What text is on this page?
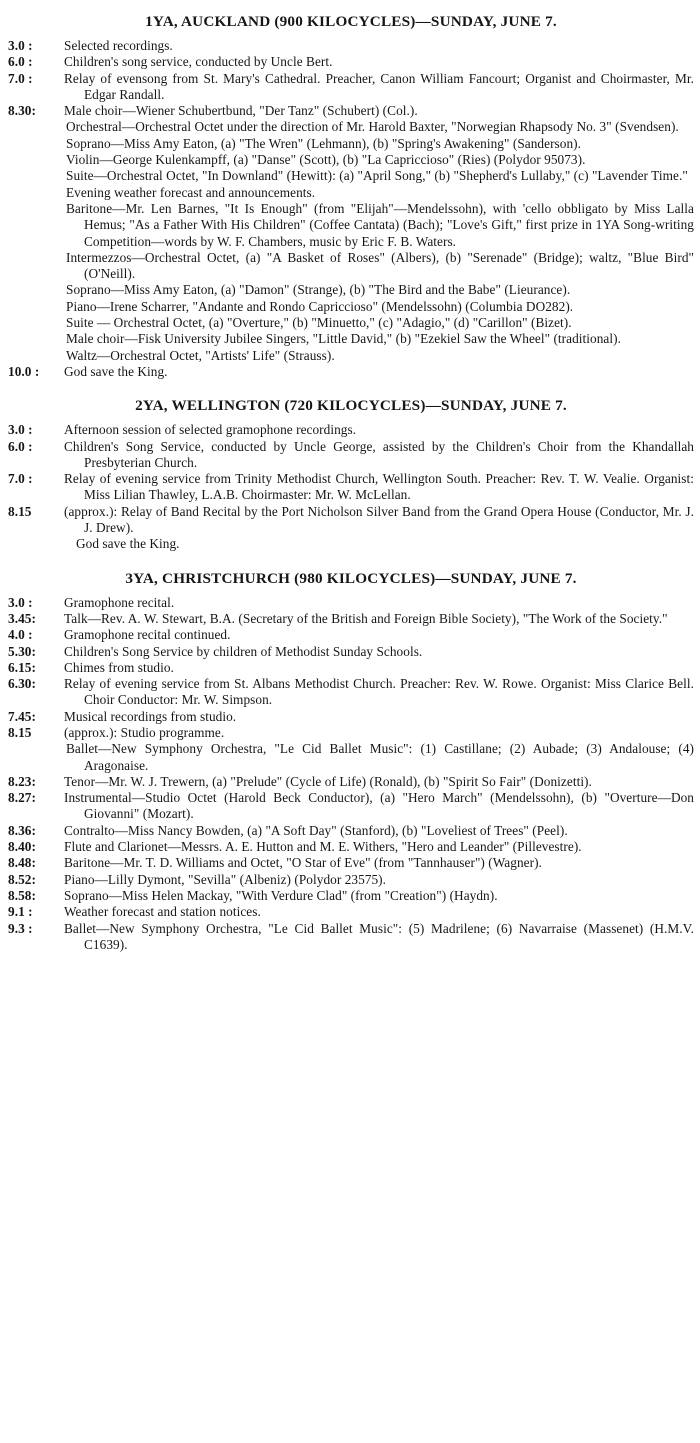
1YA, AUCKLAND (900 KILOCYCLES)—SUNDAY, JUNE 7.
3.0 :	Selected recordings.
6.0 :	Children's song service, conducted by Uncle Bert.
7.0 :	Relay of evensong from St. Mary's Cathedral. Preacher, Canon William Fancourt; Organist and Choirmaster, Mr. Edgar Randall.
8.30:	Male choir—Wiener Schubertbund, "Der Tanz" (Schubert) (Col.).

Orchestral—Orchestral Octet under the direction of Mr. Harold Baxter, "Norwegian Rhapsody No. 3" (Svendsen).

Soprano—Miss Amy Eaton, (a) "The Wren" (Lehmann), (b) "Spring's Awakening" (Sanderson).

Violin—George Kulenkampff, (a) "Danse" (Scott), (b) "La Capriccioso" (Ries) (Polydor 95073).

Suite—Orchestral Octet, "In Downland" (Hewitt): (a) "April Song," (b) "Shepherd's Lullaby," (c) "Lavender Time."

Evening weather forecast and announcements.

Baritone—Mr. Len Barnes, "It Is Enough" (from "Elijah"—Mendelssohn), with 'cello obbligato by Miss Lalla Hemus; "As a Father With His Children" (Coffee Cantata) (Bach); "Love's Gift," first prize in 1YA Song-writing Competition—words by W. F. Chambers, music by Eric F. B. Waters.

Intermezzos—Orchestral Octet, (a) "A Basket of Roses" (Albers), (b) "Serenade" (Bridge); waltz, "Blue Bird" (O'Neill).

Soprano—Miss Amy Eaton, (a) "Damon" (Strange), (b) "The Bird and the Babe" (Lieurance).

Piano—Irene Scharrer, "Andante and Rondo Capriccioso" (Mendelssohn) (Columbia DO282).

Suite — Orchestral Octet, (a) "Overture," (b) "Minuetto," (c) "Adagio," (d) "Carillon" (Bizet).

Male choir—Fisk University Jubilee Singers, "Little David," (b) "Ezekiel Saw the Wheel" (traditional).

Waltz—Orchestral Octet, "Artists' Life" (Strauss).

10.0 :	God save the King.
2YA, WELLINGTON (720 KILOCYCLES)—SUNDAY, JUNE 7.
3.0 :	Afternoon session of selected gramophone recordings.
6.0 :	Children's Song Service, conducted by Uncle George, assisted by the Children's Choir from the Khandallah Presbyterian Church.
7.0 :	Relay of evening service from Trinity Methodist Church, Wellington South. Preacher: Rev. T. W. Vealie. Organist: Miss Lilian Thawley, L.A.B. Choirmaster: Mr. W. McLellan.
8.15	(approx.): Relay of Band Recital by the Port Nicholson Silver Band from the Grand Opera House (Conductor, Mr. J. J. Drew).

God save the King.

3YA, CHRISTCHURCH (980 KILOCYCLES)—SUNDAY, JUNE 7.
3.0 :	Gramophone recital.
3.45:	Talk—Rev. A. W. Stewart, B.A. (Secretary of the British and Foreign Bible Society), "The Work of the Society."
4.0 :	Gramophone recital continued.
5.30:	Children's Song Service by children of Methodist Sunday Schools.
6.15:	Chimes from studio.
6.30:	Relay of evening service from St. Albans Methodist Church. Preacher: Rev. W. Rowe. Organist: Miss Clarice Bell. Choir Conductor: Mr. W. Simpson.
7.45:	Musical recordings from studio.
8.15	(approx.): Studio programme.

Ballet—New Symphony Orchestra, "Le Cid Ballet Music": (1) Castillane; (2) Aubade; (3) Andalouse; (4) Aragonaise.

8.23:	Tenor—Mr. W. J. Trewern, (a) "Prelude" (Cycle of Life) (Ronald), (b) "Spirit So Fair" (Donizetti).
8.27:	Instrumental—Studio Octet (Harold Beck Conductor), (a) "Hero March" (Mendelssohn), (b) "Overture—Don Giovanni" (Mozart).
8.36:	Contralto—Miss Nancy Bowden, (a) "A Soft Day" (Stanford), (b) "Loveliest of Trees" (Peel).
8.40:	Flute and Clarionet—Messrs. A. E. Hutton and M. E. Withers, "Hero and Leander" (Pillevestre).
8.48:	Baritone—Mr. T. D. Williams and Octet, "O Star of Eve" (from "Tannhauser") (Wagner).
8.52:	Piano—Lilly Dymont, "Sevilla" (Albeniz) (Polydor 23575).
8.58:	Soprano—Miss Helen Mackay, "With Verdure Clad" (from "Creation") (Haydn).
9.1 :	Weather forecast and station notices.
9.3 :	Ballet—New Symphony Orchestra, "Le Cid Ballet Music": (5) Madrilene; (6) Navarraise (Massenet) (H.M.V. C1639).
